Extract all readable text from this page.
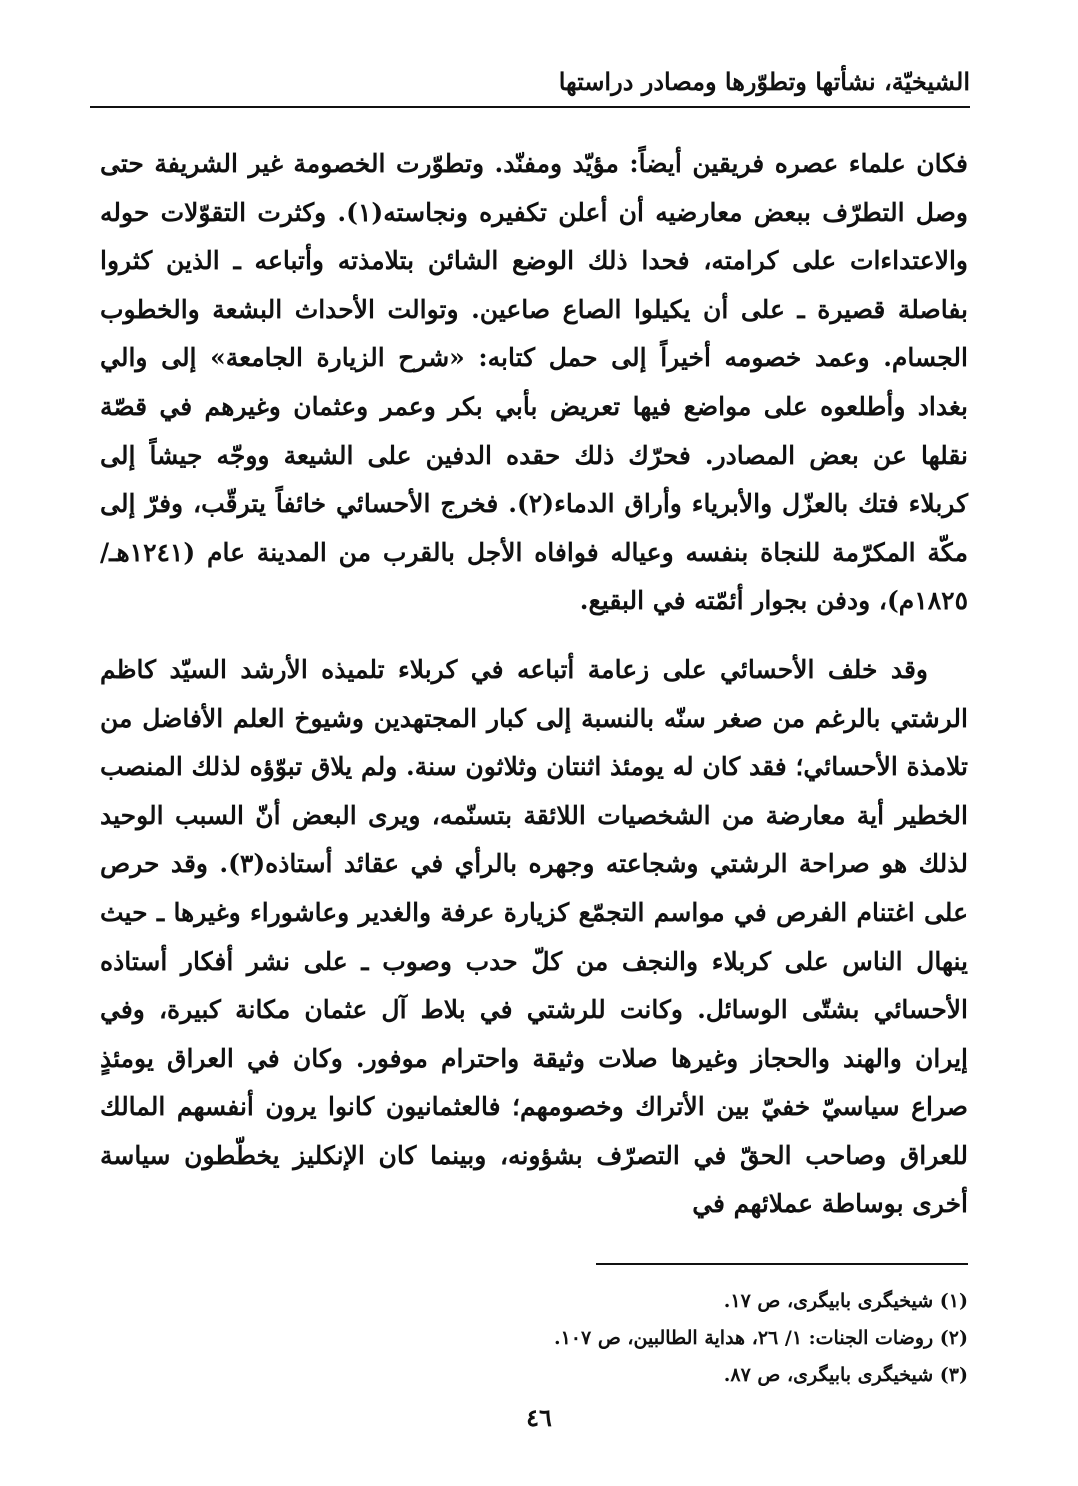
الشيخيّة، نشأتها وتطوّرها ومصادر دراستها

فكان علماء عصره فريقين أيضاً: مؤيّد ومفنّد. وتطوّرت الخصومة غير الشريفة حتى وصل التطرّف ببعض معارضيه أن أعلن تكفيره ونجاسته(١). وكثرت التقوّلات حوله والاعتداءات على كرامته، فحدا ذلك الوضع الشائن بتلامذته وأتباعه ـ الذين كثروا بفاصلة قصيرة ـ على أن يكيلوا الصاع صاعين. وتوالت الأحداث البشعة والخطوب الجسام. وعمد خصومه أخيراً إلى حمل كتابه: «شرح الزيارة الجامعة» إلى والي بغداد وأطلعوه على مواضع فيها تعريض بأبي بكر وعمر وعثمان وغيرهم في قصّة نقلها عن بعض المصادر. فحرّك ذلك حقده الدفين على الشيعة ووجّه جيشاً إلى كربلاء فتك بالعزّل والأبرياء وأراق الدماء(٢). فخرج الأحسائي خائفاً يترقّب، وفرّ إلى مكّة المكرّمة للنجاة بنفسه وعياله فوافاه الأجل بالقرب من المدينة عام (١٢٤١هـ/ ١٨٢٥م)، ودفن بجوار أئمّته في البقيع.

وقد خلف الأحسائي على زعامة أتباعه في كربلاء تلميذه الأرشد السيّد كاظم الرشتي بالرغم من صغر سنّه بالنسبة إلى كبار المجتهدين وشيوخ العلم الأفاضل من تلامذة الأحسائي؛ فقد كان له يومئذ اثنتان وثلاثون سنة. ولم يلاق تبوّؤه لذلك المنصب الخطير أية معارضة من الشخصيات اللائقة بتسنّمه، ويرى البعض أنّ السبب الوحيد لذلك هو صراحة الرشتي وشجاعته وجهره بالرأي في عقائد أستاذه(٣). وقد حرص على اغتنام الفرص في مواسم التجمّع كزيارة عرفة والغدير وعاشوراء وغيرها ـ حيث ينهال الناس على كربلاء والنجف من كلّ حدب وصوب ـ على نشر أفكار أستاذه الأحسائي بشتّى الوسائل. وكانت للرشتي في بلاط آل عثمان مكانة كبيرة، وفي إيران والهند والحجاز وغيرها صلات وثيقة واحترام موفور. وكان في العراق يومئذٍ صراع سياسيّ خفيّ بين الأتراك وخصومهم؛ فالعثمانيون كانوا يرون أنفسهم المالك للعراق وصاحب الحقّ في التصرّف بشؤونه، وبينما كان الإنكليز يخطّطون سياسة أخرى بوساطة عملائهم في

(١) شيخيگرى بابيگرى، ص ١٧.
(٢) روضات الجنات: ١/ ٢٦، هداية الطالبين، ص ١٠٧.
(٣) شيخيگرى بابيگرى، ص ٨٧.
٤٦
